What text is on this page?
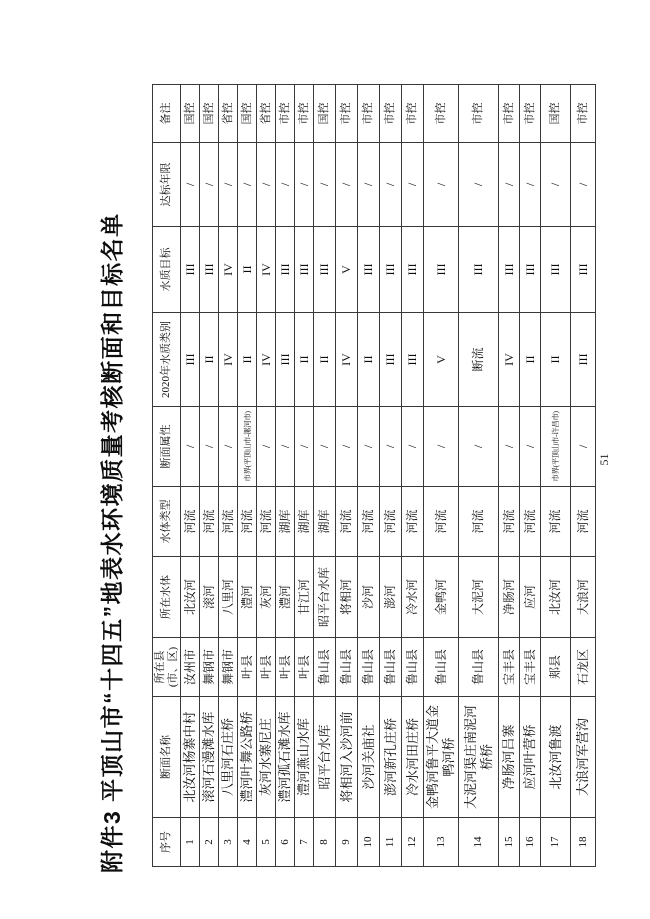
附件3 平顶山市“十四五”地表水环境质量考核断面和目标名单	序号	断面名称	所在县(市、区)	所在水体	水体类型	断面属性	2020年水质类别	水质目标	达标年限	备注
1	北汝河杨寨中村	汝州市	北汝河	河流	/	III	III	/	国控
2	滚河石漫滩水库	舞钢市	滚河	河流	/	II	III	/	国控
3	八里河石庄桥	舞钢市	八里河	河流	/	IV	IV	/	省控
4	澧河叶舞公路桥	叶县	澧河	河流	市界(平顶山市-漯河市)	II	II	/	国控
5	灰河水寨尼庄	叶县	灰河	河流	/	IV	IV	/	省控
6	澧河孤石滩水库	叶县	澧河	湖库	/	III	III	/	市控
7	澧河燕山水库	叶县	甘江河	湖库	/	II	III	/	市控
8	昭平台水库	鲁山县	昭平台水库	湖库	/	II	III	/	国控
9	将相河入沙河前	鲁山县	将相河	河流	/	IV	V	/	市控
10	沙河关庙社	鲁山县	沙河	河流	/	II	III	/	市控
11	澎河新孔庄桥	鲁山县	澎河	河流	/	III	III	/	市控
12	冷水河田庄桥	鲁山县	冷水河	河流	/	III	III	/	市控
13	金鸭河鲁平大道金鸭河桥	鲁山县	金鸭河	河流	/	V	III	/	市控
14	大泥河渠庄南泥河桥桥	鲁山县	大泥河	河流	/	断流	III	/	市控
15	净肠河吕寨	宝丰县	净肠河	河流	/	IV	III	/	市控
16	应河叶营桥	宝丰县	应河	河流	/	II	III	/	市控
17	北汝河鲁渡	郏县	北汝河	河流	市界(平顶山市-许昌市)	II	III	/	国控
18	大浪河军营沟	石龙区	大浪河	河流	/	III	III	/	市控
51
